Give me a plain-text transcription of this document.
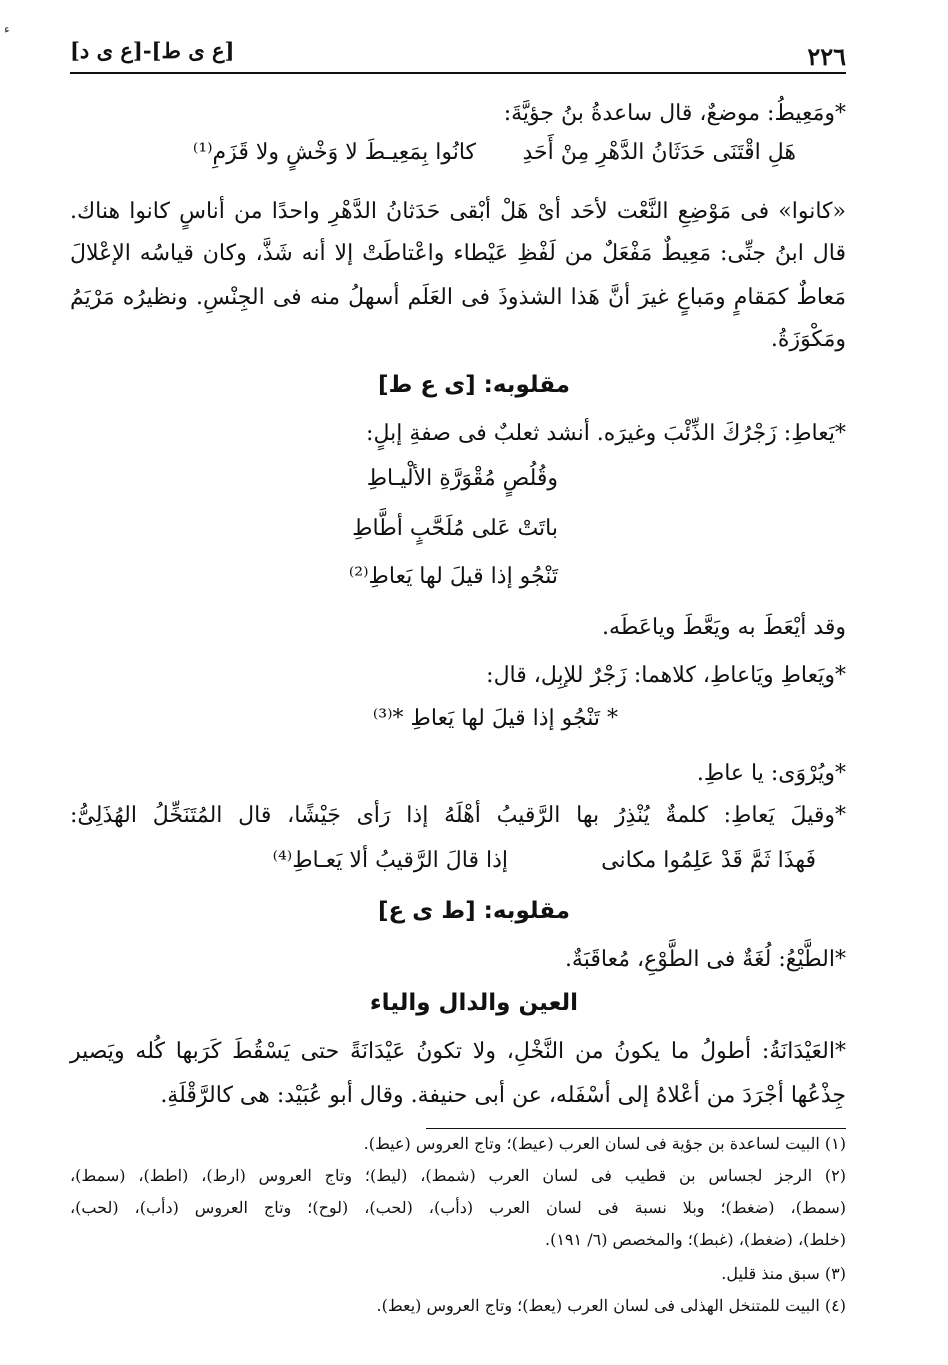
ء
[ع ى ط]-[ع ى د]	٢٢٦
*ومَعِيطُ: موضعٌ، قال ساعدةُ بنُ جؤيَّةَ:
هَلِ اقْتَنَى حَدَثَانُ الدَّهْرِ مِنْ أَحَدِ
كانُوا بِمَعِيـطَ لا وَخْشٍ ولا قَزَمِ⁽¹⁾
«كانوا» فى مَوْضِعِ النَّعْت لأحَد أىْ هَلْ أبْقى حَدَثانُ الدَّهْرِ واحدًا من أناسٍ كانوا هناك.
قال ابنُ جنِّى: مَعِيطٌ مَفْعَلٌ من لَفْظِ عَيْطاء واعْتاطَتْ إلا أنه شَذَّ، وكان قياسُه الإعْلالَ
مَعاطٌ كمَقامٍ ومَباعٍ غيرَ أنَّ هَذا الشذوذَ فى العَلَم أسهلُ منه فى الجِنْسِ. ونظيرُه مَرْيَمُ
ومَكْوَزَةُ.
مقلوبه: [ى ع ط]
*يَعاطِ: زَجْرُكَ الذِّئْبَ وغيرَه. أنشد ثعلبٌ فى صفةِ إبلٍ:
وقُلُصٍ مُقْوَرَّةِ الألْيـاطِ
باتَتْ عَلى مُلَحَّبٍ أطَّاطِ
تَنْجُو إذا قيلَ لها يَعاطِ⁽²⁾
وقد أيْعَطَ به ويَعَّطَ وياعَطَه.
*ويَعاطِ ويَاعاطِ، كلاهما: زَجْرٌ للإبِل، قال:
* تَنْجُو إذا قيلَ لها يَعاطِ *⁽³⁾
*ويُرْوَى: يا عاطِ.
*وقيلَ يَعاطِ: كلمةٌ يُنْذِرُ بها الرَّقيبُ أهْلَهُ إذا رَأى جَيْشًا، قال المُتَنَخِّلُ الهُذَلِىُّ:
فَهذَا ثَمَّ قَدْ عَلِمُوا مكانى
إذا قالَ الرَّقيبُ ألا يَعـاطِ⁽⁴⁾
مقلوبه: [ط ى ع]
*الطَّيْعُ: لُغَةٌ فى الطَّوْعِ، مُعاقَبَةٌ.
العين والدال والياء
*العَيْدَانَةُ: أطولُ ما يكونُ من النَّخْلِ، ولا تكونُ عَيْدَانَةً حتى يَسْقُطَ كَرَبها كُله ويَصير
جِذْعُها أجْرَدَ من أعْلاهُ إلى أسْفَله، عن أبى حنيفة. وقال أبو عُبَيْد: هى كالرَّقْلَةِ.
(١) البيت لساعدة بن جؤية فى لسان العرب (عيط)؛ وتاج العروس (عيط).
(٢) الرجز لجساس بن قطيب فى لسان العرب (شمط)، (ليط)؛ وتاج العروس (ارط)، (اطط)، (سمط)،
(سمط)، (ضغط)؛ وبلا نسبة فى لسان العرب (دأب)، (لحب)، (لوح)؛ وتاج العروس (دأب)، (لحب)،
(خلط)، (ضغط)، (غبط)؛ والمخصص (٦/ ١٩١).
(٣) سبق منذ قليل.
(٤) البيت للمتنخل الهذلى فى لسان العرب (يعط)؛ وتاج العروس (يعط).
